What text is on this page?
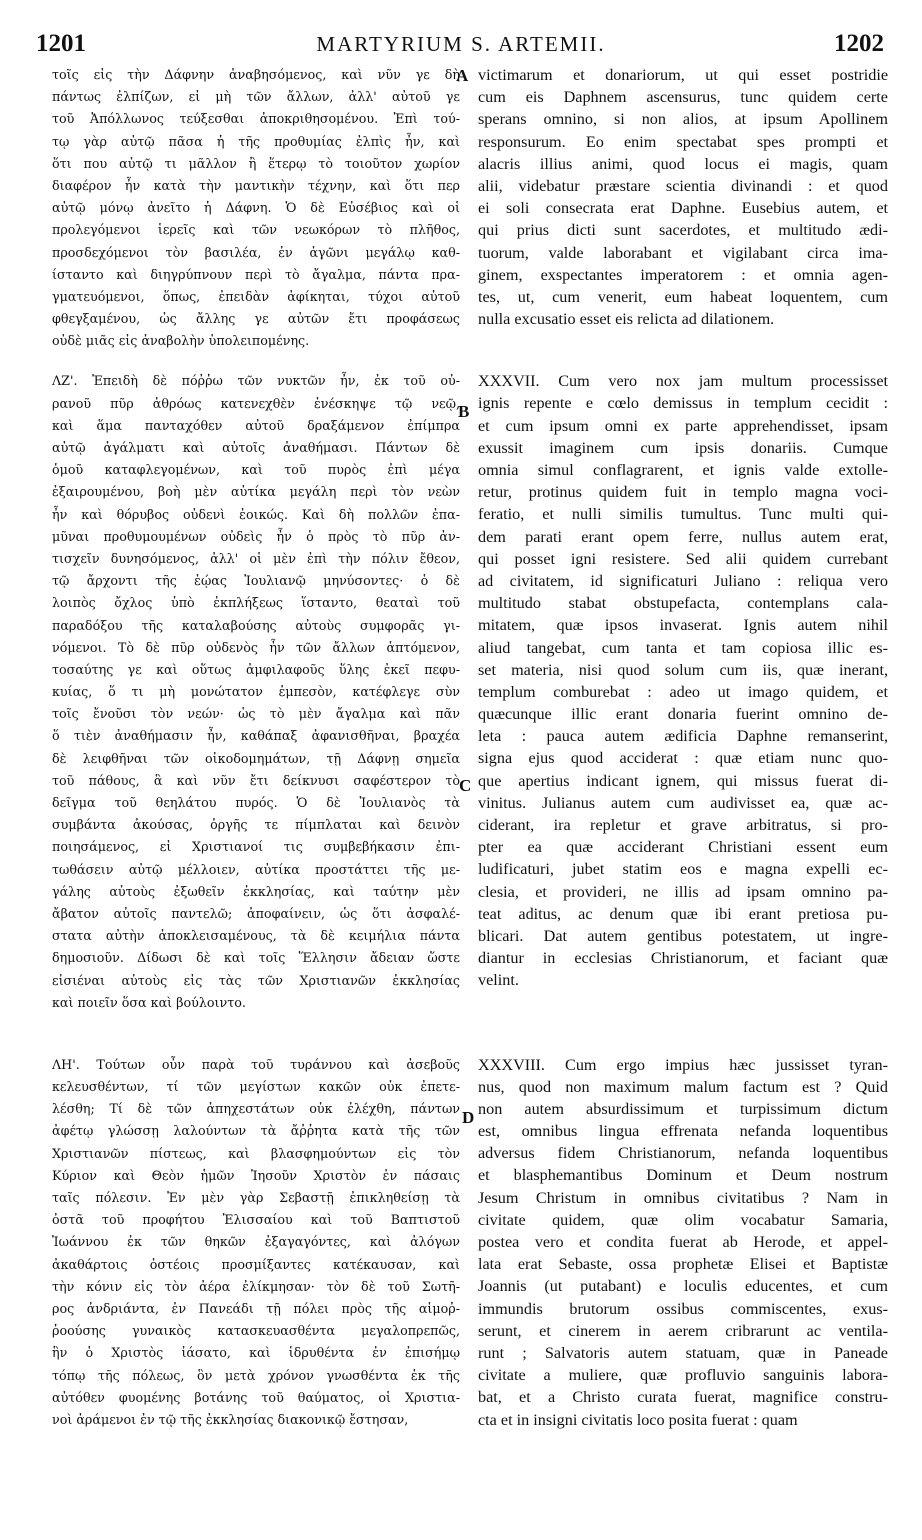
1201	MARTYRIUM S. ARTEMII.	1202
A
B
C
D
τοῖς εἰς τὴν Δάφνην ἀναβησόμενος, καὶ νῦν γε δὴ
πάντως ἐλπίζων, εἰ μὴ τῶν ἄλλων, ἀλλ' αὐτοῦ γε
τοῦ Ἀπόλλωνος τεύξεσθαι ἀποκριθησομένου. Ἐπὶ τού-
τῳ γὰρ αὐτῷ πᾶσα ἡ τῆς προθυμίας ἐλπὶς ἦν, καὶ
ὅτι που αὐτῷ τι μᾶλλον ἢ ἕτερῳ τὸ τοιοῦτον χωρίον
διαφέρον ἦν κατὰ τὴν μαντικὴν τέχνην, καὶ ὅτι περ
αὐτῷ μόνῳ ἀνεῖτο ἡ Δάφνη. Ὁ δὲ Εὐσέβιος καὶ οἱ
προλεγόμενοι ἱερεῖς καὶ τῶν νεωκόρων τὸ πλῆθος,
προσδεχόμενοι τὸν βασιλέα, ἐν ἀγῶνι μεγάλῳ καθ-
ίσταντο καὶ διηγρύπνουν περὶ τὸ ἄγαλμα, πάντα πρα-
γματευόμενοι, ὅπως, ἐπειδὰν ἀφίκηται, τύχοι αὐτοῦ
φθεγξαμένου, ὡς ἄλλης γε αὐτῶν ἔτι προφάσεως
οὐδὲ μιᾶς εἰς ἀναβολὴν ὑπολειπομένης.
ΛΖ'. Ἐπειδὴ δὲ πόῤῥω τῶν νυκτῶν ἦν, ἐκ τοῦ οὐ-
ρανοῦ πῦρ ἀθρόως κατενεχθὲν ἐνέσκηψε τῷ νεῷ,
καὶ ἅμα πανταχόθεν αὐτοῦ δραξάμενον ἐπίμπρα
αὐτῷ ἀγάλματι καὶ αὐτοῖς ἀναθήμασι. Πάντων δὲ
ὁμοῦ καταφλεγομένων, καὶ τοῦ πυρὸς ἐπὶ μέγα
ἐξαιρουμένου, βοὴ μὲν αὐτίκα μεγάλη περὶ τὸν νεὼν
ἦν καὶ θόρυβος οὐδενὶ ἐοικώς. Καὶ δὴ πολλῶν ἐπα-
μῦναι προθυμουμένων οὐδεὶς ἦν ὁ πρὸς τὸ πῦρ ἀν-
τισχεῖν δυνησόμενος, ἀλλ' οἱ μὲν ἐπὶ τὴν πόλιν ἔθεον,
τῷ ἄρχοντι τῆς ἑῴας Ἰουλιανῷ μηνύσοντες· ὁ δὲ
λοιπὸς ὄχλος ὑπὸ ἐκπλήξεως ἵσταντο, θεαταὶ τοῦ
παραδόξου τῆς καταλαβούσης αὐτοὺς συμφορᾶς γι-
νόμενοι. Τὸ δὲ πῦρ οὐδενὸς ἦν τῶν ἄλλων ἁπτόμενον,
τοσαύτης γε καὶ οὕτως ἀμφιλαφοῦς ὕλης ἐκεῖ πεφυ-
κυίας, ὅ τι μὴ μονώτατον ἐμπεσὸν, κατέφλεγε σὺν
τοῖς ἔνοῦσι τὸν νεών· ὡς τὸ μὲν ἄγαλμα καὶ πᾶν
ὅ τιὲν ἀναθήμασιν ἦν, καθάπαξ ἀφανισθῆναι, βραχέα
δὲ λειφθῆναι τῶν οἰκοδομημάτων, τῇ Δάφνῃ σημεῖα
τοῦ πάθους, ἃ καὶ νῦν ἔτι δείκνυσι σαφέστερον τὸ
δεῖγμα τοῦ θεηλάτου πυρός. Ὁ δὲ Ἰουλιανὸς τὰ
συμβάντα ἀκούσας, ὀργῆς τε πίμπλαται καὶ δεινὸν
ποιησάμενος, εἰ Χριστιανοί τις συμβεβήκασιν ἐπι-
τωθάσειν αὐτῷ μέλλοιεν, αὐτίκα προστάττει τῆς με-
γάλης αὐτοὺς ἐξωθεῖν ἐκκλησίας, καὶ ταύτην μὲν
ἄβατον αὐτοῖς παντελῶ; ἀποφαίνειν, ὡς ὅτι ἀσφαλέ-
στατα αὐτὴν ἀποκλεισαμένους, τὰ δὲ κειμήλια πάντα
δημοσιοῦν. Δίδωσι δὲ καὶ τοῖς Ἕλλησιν ἄδειαν ὥστε
εἰσιέναι αὐτοὺς εἰς τὰς τῶν Χριστιανῶν ἐκκλησίας
καὶ ποιεῖν ὅσα καὶ βούλοιντο.
ΛΗ'. Τούτων οὖν παρὰ τοῦ τυράννου καὶ ἀσεβοῦς
κελευσθέντων, τί τῶν μεγίστων κακῶν οὐκ ἐπετε-
λέσθη; Τί δὲ τῶν ἀπηχεστάτων οὐκ ἐλέχθη, πάντων
ἀφέτῳ γλώσσῃ λαλούντων τὰ ἄῤῥητα κατὰ τῆς τῶν
Χριστιανῶν πίστεως, καὶ βλασφημούντων εἰς τὸν
Κύριον καὶ Θεὸν ἡμῶν Ἰησοῦν Χριστὸν ἐν πάσαις
ταῖς πόλεσιν. Ἐν μὲν γὰρ Σεβαστῇ ἐπικληθείσῃ τὰ
ὀστᾶ τοῦ προφήτου Ἐλισσαίου καὶ τοῦ Βαπτιστοῦ
Ἰωάννου ἐκ τῶν θηκῶν ἐξαγαγόντες, καὶ ἀλόγων
ἀκαθάρτοις ὀστέοις προσμίξαντες κατέκαυσαν, καὶ
τὴν κόνιν εἰς τὸν ἀέρα ἐλίκμησαν· τὸν δὲ τοῦ Σωτῆ-
ρος ἀνδριάντα, ἐν Πανεάδι τῇ πόλει πρὸς τῆς αἱμοῤ-
ῥοούσης γυναικὸς κατασκευασθέντα μεγαλοπρεπῶς,
ἣν ὁ Χριστὸς ἰάσατο, καὶ ἱδρυθέντα ἐν ἐπισήμῳ
τόπῳ τῆς πόλεως, ὃν μετὰ χρόνον γνωσθέντα ἐκ τῆς
αὐτόθεν φυομένης βοτάνης τοῦ θαύματος, οἱ Χριστια-
νοὶ ἀράμενοι ἐν τῷ τῆς ἐκκλησίας διακονικῷ ἔστησαν,
victimarum et donariorum, ut qui esset postridie
cum eis Daphnem ascensurus, tunc quidem certe
sperans omnino, si non alios, at ipsum Apollinem
responsurum. Eo enim spectabat spes prompti et
alacris illius animi, quod locus ei magis, quam
alii, videbatur præstare scientia divinandi : et quod
ei soli consecrata erat Daphne. Eusebius autem, et
qui prius dicti sunt sacerdotes, et multitudo ædi-
tuorum, valde laborabant et vigilabant circa ima-
ginem, exspectantes imperatorem : et omnia agen-
tes, ut, cum venerit, eum habeat loquentem, cum
nulla excusatio esset eis relicta ad dilationem.
XXXVII. Cum vero nox jam multum processisset
ignis repente e cœlo demissus in templum cecidit :
et cum ipsum omni ex parte apprehendisset, ipsam
exussit imaginem cum ipsis donariis. Cumque
omnia simul conflagrarent, et ignis valde extolle-
retur, protinus quidem fuit in templo magna voci-
feratio, et nulli similis tumultus. Tunc multi qui-
dem parati erant opem ferre, nullus autem erat,
qui posset igni resistere. Sed alii quidem currebant
ad civitatem, id significaturi Juliano : reliqua vero
multitudo stabat obstupefacta, contemplans cala-
mitatem, quæ ipsos invaserat. Ignis autem nihil
aliud tangebat, cum tanta et tam copiosa illic es-
set materia, nisi quod solum cum iis, quæ inerant,
templum comburebat : adeo ut imago quidem, et
quæcunque illic erant donaria fuerint omnino de-
leta : pauca autem ædificia Daphne remanserint,
signa ejus quod acciderat : quæ etiam nunc quo-
que apertius indicant ignem, qui missus fuerat di-
vinitus. Julianus autem cum audivisset ea, quæ ac-
ciderant, ira repletur et grave arbitratus, si pro-
pter ea quæ acciderant Christiani essent eum
ludificaturi, jubet statim eos e magna expelli ec-
clesia, et provideri, ne illis ad ipsam omnino pa-
teat aditus, ac denum quæ ibi erant pretiosa pu-
blicari. Dat autem gentibus potestatem, ut ingre-
diantur in ecclesias Christianorum, et faciant quæ
velint.
XXXVIII. Cum ergo impius hæc jussisset tyran-
nus, quod non maximum malum factum est ? Quid
non autem absurdissimum et turpissimum dictum
est, omnibus lingua effrenata nefanda loquentibus
adversus fidem Christianorum, nefanda loquentibus
et blasphemantibus Dominum et Deum nostrum
Jesum Christum in omnibus civitatibus ? Nam in
civitate quidem, quæ olim vocabatur Samaria,
postea vero et condita fuerat ab Herode, et appel-
lata erat Sebaste, ossa prophetæ Elisei et Baptistæ
Joannis (ut putabant) e loculis educentes, et cum
immundis brutorum ossibus commiscentes, exus-
serunt, et cinerem in aerem cribrarunt ac ventila-
runt ; Salvatoris autem statuam, quæ in Paneade
civitate a muliere, quæ profluvio sanguinis labora-
bat, et a Christo curata fuerat, magnifice constru-
cta et in insigni civitatis loco posita fuerat : quam
